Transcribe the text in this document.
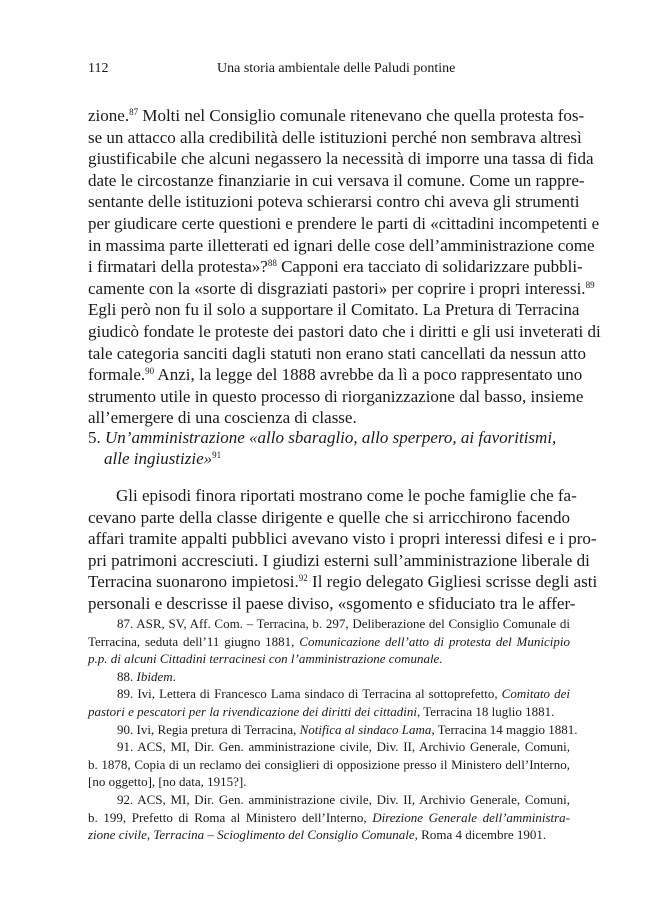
112	Una storia ambientale delle Paludi pontine
zione.$^{87}$ Molti nel Consiglio comunale ritenevano che quella protesta fos-
se un attacco alla credibilità delle istituzioni perché non sembrava altresì
giustificabile che alcuni negassero la necessità di imporre una tassa di fida
date le circostanze finanziarie in cui versava il comune. Come un rappre-
sentante delle istituzioni poteva schierarsi contro chi aveva gli strumenti
per giudicare certe questioni e prendere le parti di «cittadini incompetenti e
in massima parte illetterati ed ignari delle cose dell’amministrazione come
i firmatari della protesta»?$^{88}$ Capponi era tacciato di solidarizzare pubbli-
camente con la «sorte di disgraziati pastori» per coprire i propri interessi.$^{89}$
Egli però non fu il solo a supportare il Comitato. La Pretura di Terracina
giudicò fondate le proteste dei pastori dato che i diritti e gli usi inveterati di
tale categoria sanciti dagli statuti non erano stati cancellati da nessun atto
formale.$^{90}$ Anzi, la legge del 1888 avrebbe da lì a poco rappresentato uno
strumento utile in questo processo di riorganizzazione dal basso, insieme
all’emergere di una coscienza di classe.
5. Un’amministrazione «allo sbaraglio, allo sperpero, ai favoritismi,
alle ingiustizie»$^{91}$
Gli episodi finora riportati mostrano come le poche famiglie che fa-
cevano parte della classe dirigente e quelle che si arricchirono facendo
affari tramite appalti pubblici avevano visto i propri interessi difesi e i pro-
pri patrimoni accresciuti. I giudizi esterni sull’amministrazione liberale di
Terracina suonarono impietosi.$^{92}$ Il regio delegato Gigliesi scrisse degli asti
personali e descrisse il paese diviso, «sgomento e sfiduciato tra le affer-
87. ASR, SV, Aff. Com. – Terracina, b. 297, Deliberazione del Consiglio Comunale di
Terracina, seduta dell’11 giugno 1881, Comunicazione dell’atto di protesta del Municipio
p.p. di alcuni Cittadini terracinesi con l’amministrazione comunale.
88. Ibidem.
89. Ivi, Lettera di Francesco Lama sindaco di Terracina al sottoprefetto, Comitato dei
pastori e pescatori per la rivendicazione dei diritti dei cittadini, Terracina 18 luglio 1881.
90. Ivi, Regia pretura di Terracina, Notifica al sindaco Lama, Terracina 14 maggio 1881.
91. ACS, MI, Dir. Gen. amministrazione civile, Div. II, Archivio Generale, Comuni,
b. 1878, Copia di un reclamo dei consiglieri di opposizione presso il Ministero dell’Interno,
[no oggetto], [no data, 1915?].
92. ACS, MI, Dir. Gen. amministrazione civile, Div. II, Archivio Generale, Comuni,
b. 199, Prefetto di Roma al Ministero dell’Interno, Direzione Generale dell’amministra-
zione civile, Terracina – Scioglimento del Consiglio Comunale, Roma 4 dicembre 1901.
